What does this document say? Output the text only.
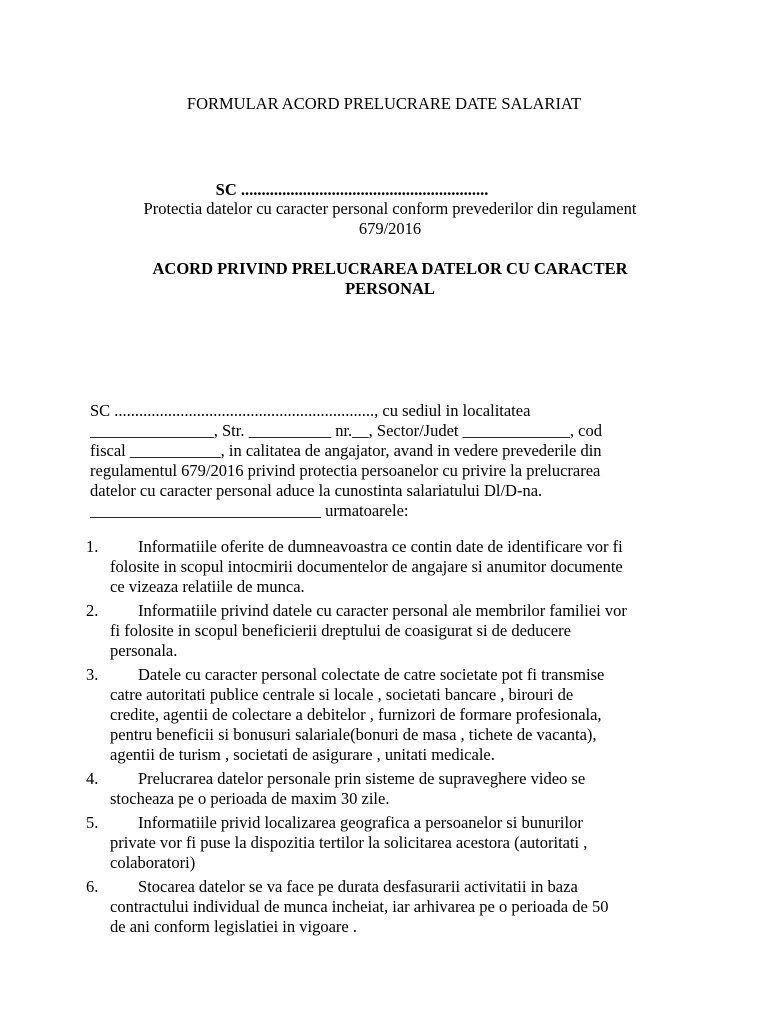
FORMULAR ACORD PRELUCRARE DATE SALARIAT
SC ............................................................
Protectia datelor cu caracter personal conform prevederilor din regulament
679/2016
ACORD PRIVIND PRELUCRAREA DATELOR CU CARACTER
PERSONAL

SC ..............................................................., cu sediul in localitatea
_______________, Str. __________ nr.__, Sector/Judet _____________, cod
fiscal ___________, in calitatea de angajator, avand in vedere prevederile din
regulamentul 679/2016 privind protectia persoanelor cu privire la prelucrarea
datelor cu caracter personal aduce la cunostinta salariatului Dl/D-na.
____________________________ urmatoarele:

1.	Informatiile oferite de dumneavoastra ce contin date de identificare vor fi
folosite in scopul intocmirii documentelor de angajare si anumitor documente
ce vizeaza relatiile de munca.
2.	Informatiile privind datele cu caracter personal ale membrilor familiei vor
fi folosite in scopul beneficierii dreptului de coasigurat si de deducere
personala.
3.	Datele cu caracter personal colectate de catre societate pot fi transmise
catre autoritati publice centrale si locale , societati bancare , birouri de
credite, agentii de colectare a debitelor , furnizori de formare profesionala,
pentru beneficii si bonusuri salariale(bonuri de masa , tichete de vacanta),
agentii de turism , societati de asigurare , unitati medicale.
4.	Prelucrarea datelor personale prin sisteme de supraveghere video se
stocheaza pe o perioada de maxim 30 zile.
5.	Informatiile privid localizarea geografica a persoanelor si bunurilor
private vor fi puse la dispozitia tertilor la solicitarea acestora (autoritati ,
colaboratori)
6.	Stocarea datelor se va face pe durata desfasurarii activitatii in baza
contractului individual de munca incheiat, iar arhivarea pe o perioada de 50
de ani conform legislatiei in vigoare .
